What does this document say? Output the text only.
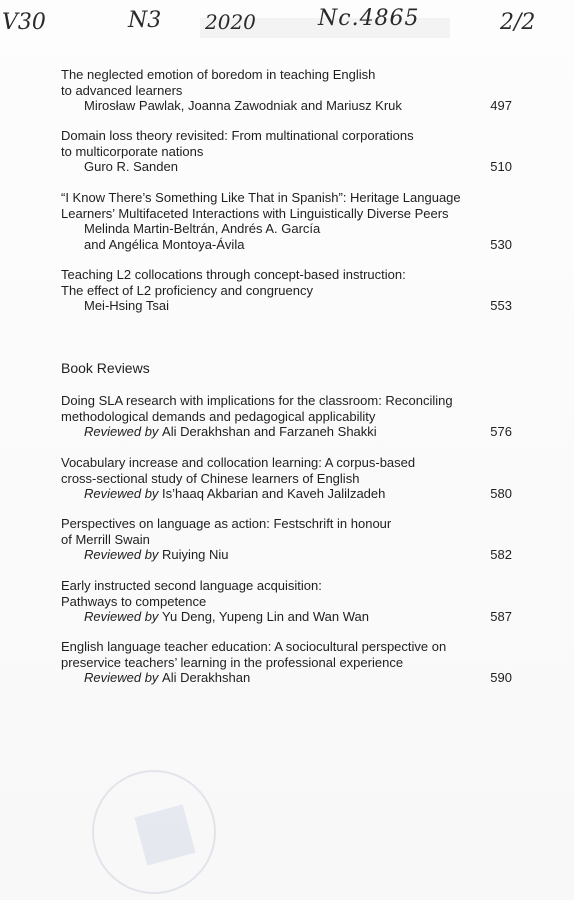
V30	N3 2020	Nc.4865	2/2
The neglected emotion of boredom in teaching English
to advanced learners
Mirosław Pawlak, Joanna Zawodniak and Mariusz Kruk	497
Domain loss theory revisited: From multinational corporations
to multicorporate nations
Guro R. Sanden	510
“I Know There’s Something Like That in Spanish”: Heritage Language
Learners’ Multifaceted Interactions with Linguistically Diverse Peers
Melinda Martin-Beltrán, Andrés A. García
and Angélica Montoya-Ávila	530
Teaching L2 collocations through concept-based instruction:
The effect of L2 proficiency and congruency
Mei-Hsing Tsai	553
Book Reviews
Doing SLA research with implications for the classroom: Reconciling
methodological demands and pedagogical applicability
Reviewed by Ali Derakhshan and Farzaneh Shakki	576
Vocabulary increase and collocation learning: A corpus-based
cross-sectional study of Chinese learners of English
Reviewed by Is’haaq Akbarian and Kaveh Jalilzadeh	580
Perspectives on language as action: Festschrift in honour
of Merrill Swain
Reviewed by Ruiying Niu	582
Early instructed second language acquisition:
Pathways to competence
Reviewed by Yu Deng, Yupeng Lin and Wan Wan	587
English language teacher education: A sociocultural perspective on
preservice teachers’ learning in the professional experience
Reviewed by Ali Derakhshan	590
